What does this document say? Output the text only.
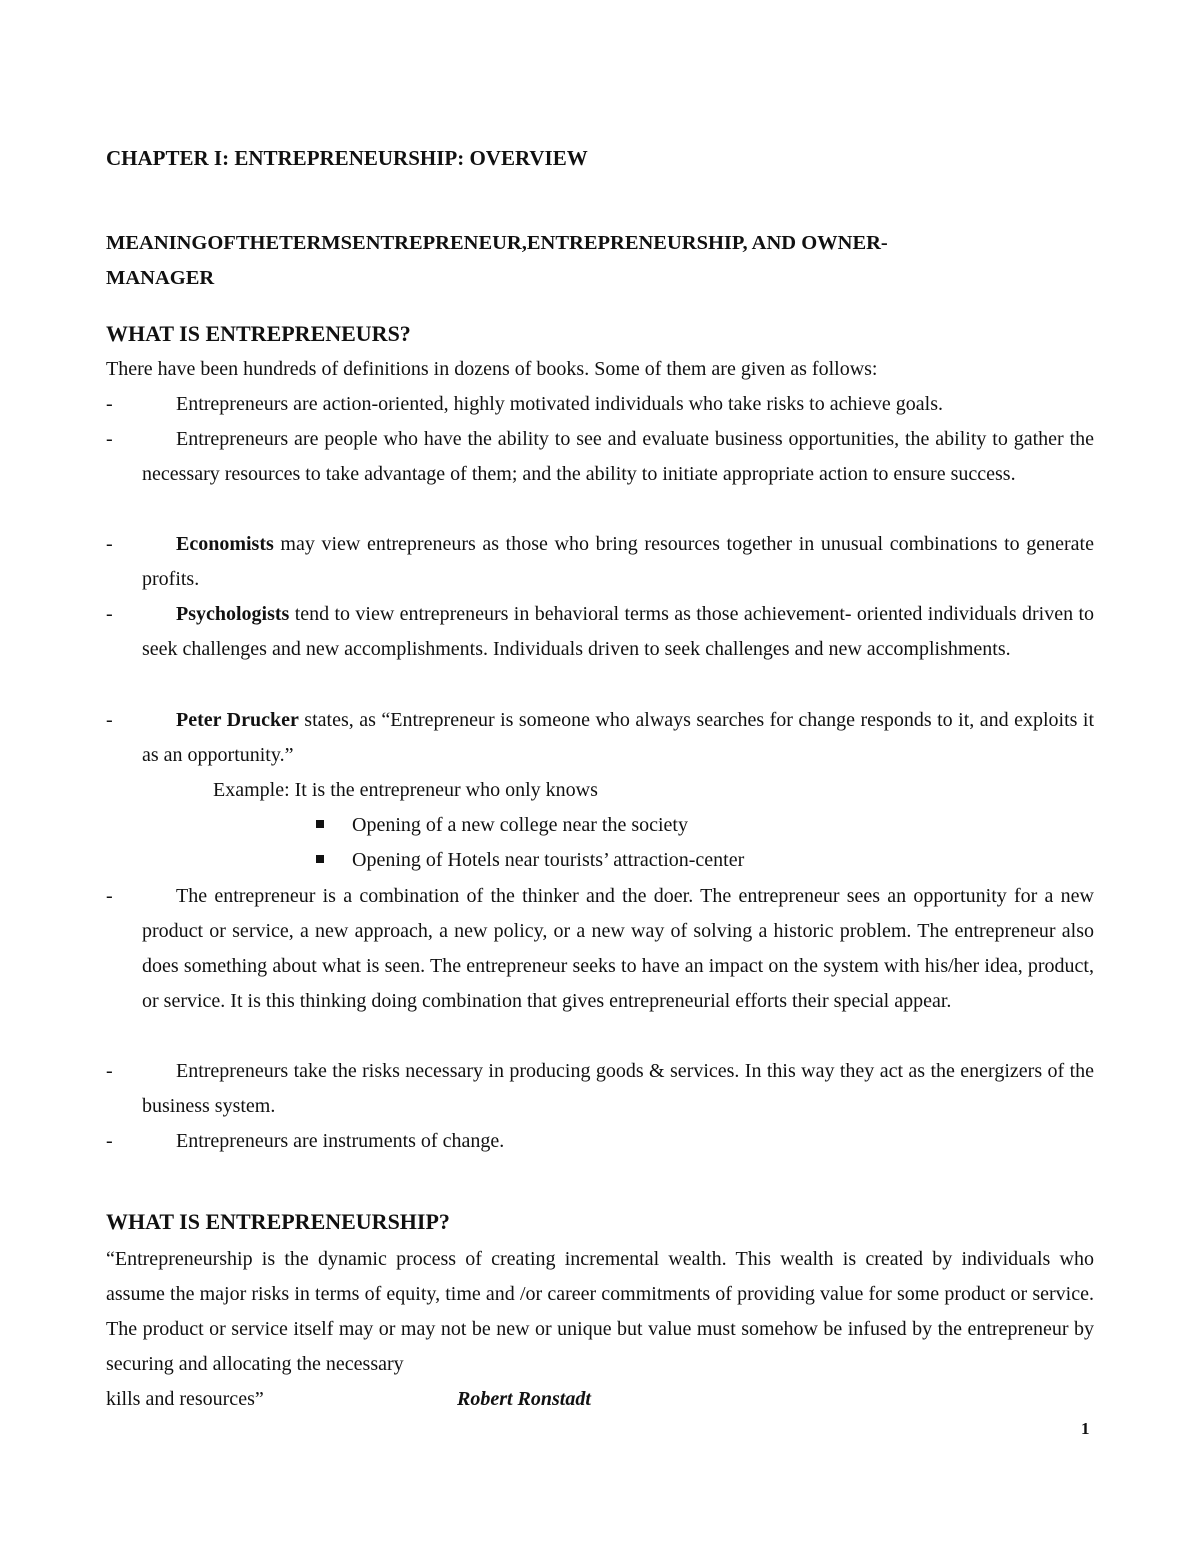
CHAPTER I: ENTREPRENEURSHIP: OVERVIEW
MEANINGOFTHETERMSENTREPRENEUR,ENTREPRENEURSHIP, AND OWNER-
MANAGER
WHAT IS ENTREPRENEURS?
There have been hundreds of definitions in dozens of books. Some of them are given as follows:
-	Entrepreneurs are action-oriented, highly motivated individuals who take risks to achieve goals.
-	Entrepreneurs are people who have the ability to see and evaluate business opportunities, the ability to gather the necessary resources to take advantage of them; and the ability to initiate appropriate action to ensure success.
-	Economists may view entrepreneurs as those who bring resources together in unusual combinations to generate profits.
-	Psychologists tend to view entrepreneurs in behavioral terms as those achievement- oriented individuals driven to seek challenges and new accomplishments. Individuals driven to seek challenges and new accomplishments.
-	Peter Drucker states, as “Entrepreneur is someone who always searches for change responds to it, and exploits it as an opportunity.”
Example: It is the entrepreneur who only knows
Opening of a new college near the society
Opening of Hotels near tourists’ attraction-center
-	The entrepreneur is a combination of the thinker and the doer. The entrepreneur sees an opportunity for a new product or service, a new approach, a new policy, or a new way of solving a historic problem. The entrepreneur also does something about what is seen. The entrepreneur seeks to have an impact on the system with his/her idea, product, or service. It is this thinking doing combination that gives entrepreneurial efforts their special appear.
-	Entrepreneurs take the risks necessary in producing goods & services. In this way they act as the energizers of the business system.
-	Entrepreneurs are instruments of change.
WHAT IS ENTREPRENEURSHIP?
“Entrepreneurship is the dynamic process of creating incremental wealth. This wealth is created by individuals who assume the major risks in terms of equity, time and /or career commitments of providing value for some product or service. The product or service itself may or may not be new or unique but value must somehow be infused by the entrepreneur by securing and allocating the necessary
kills and resources”	Robert Ronstadt
1
